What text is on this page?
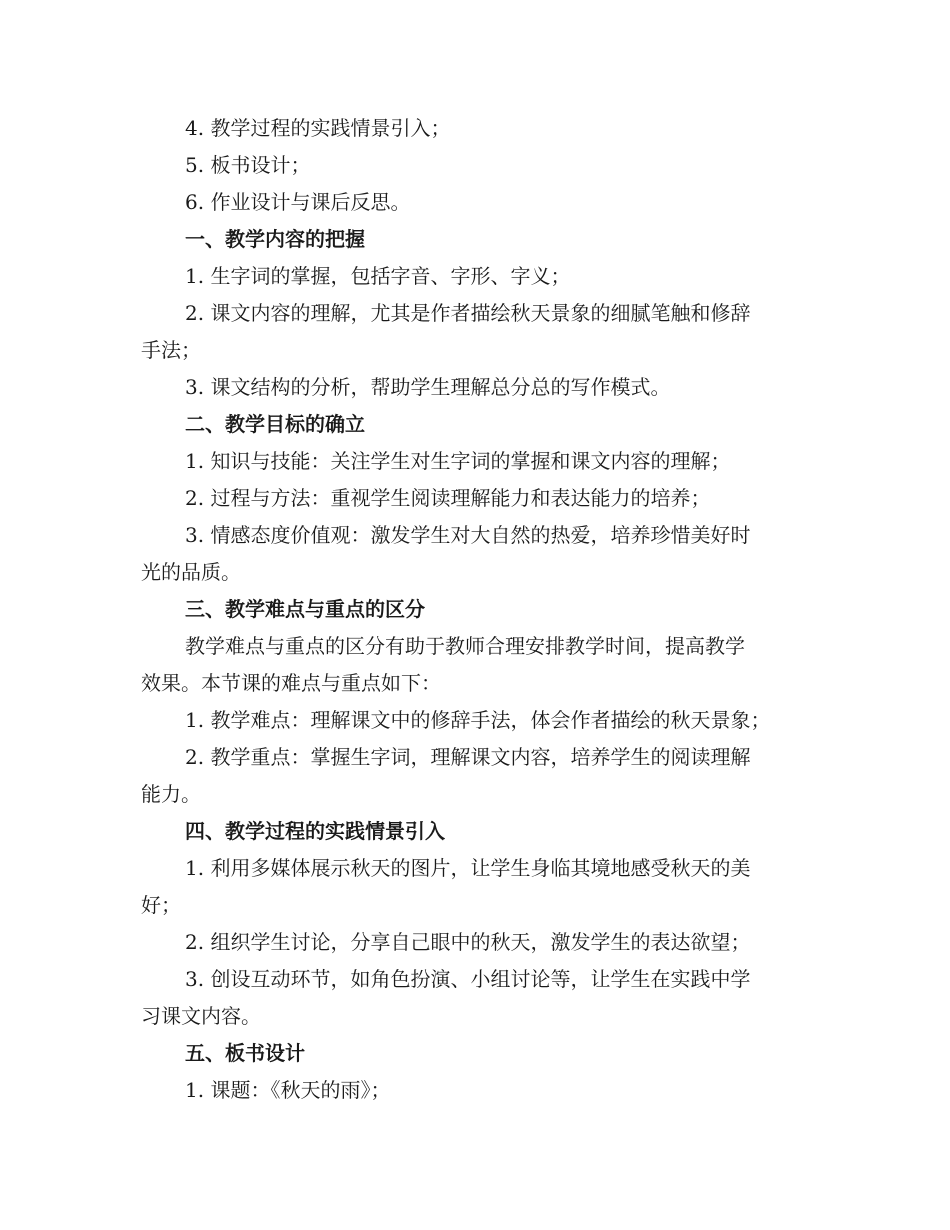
4. 教学过程的实践情景引入；
5. 板书设计；
6. 作业设计与课后反思。
一、教学内容的把握
1. 生字词的掌握，包括字音、字形、字义；
2. 课文内容的理解，尤其是作者描绘秋天景象的细腻笔触和修辞
手法；
3. 课文结构的分析，帮助学生理解总分总的写作模式。
二、教学目标的确立
1. 知识与技能：关注学生对生字词的掌握和课文内容的理解；
2. 过程与方法：重视学生阅读理解能力和表达能力的培养；
3. 情感态度价值观：激发学生对大自然的热爱，培养珍惜美好时
光的品质。
三、教学难点与重点的区分
教学难点与重点的区分有助于教师合理安排教学时间，提高教学
效果。本节课的难点与重点如下：
1. 教学难点：理解课文中的修辞手法，体会作者描绘的秋天景象；
2. 教学重点：掌握生字词，理解课文内容，培养学生的阅读理解
能力。
四、教学过程的实践情景引入
1. 利用多媒体展示秋天的图片，让学生身临其境地感受秋天的美
好；
2. 组织学生讨论，分享自己眼中的秋天，激发学生的表达欲望；
3. 创设互动环节，如角色扮演、小组讨论等，让学生在实践中学
习课文内容。
五、板书设计
1. 课题：《秋天的雨》；
